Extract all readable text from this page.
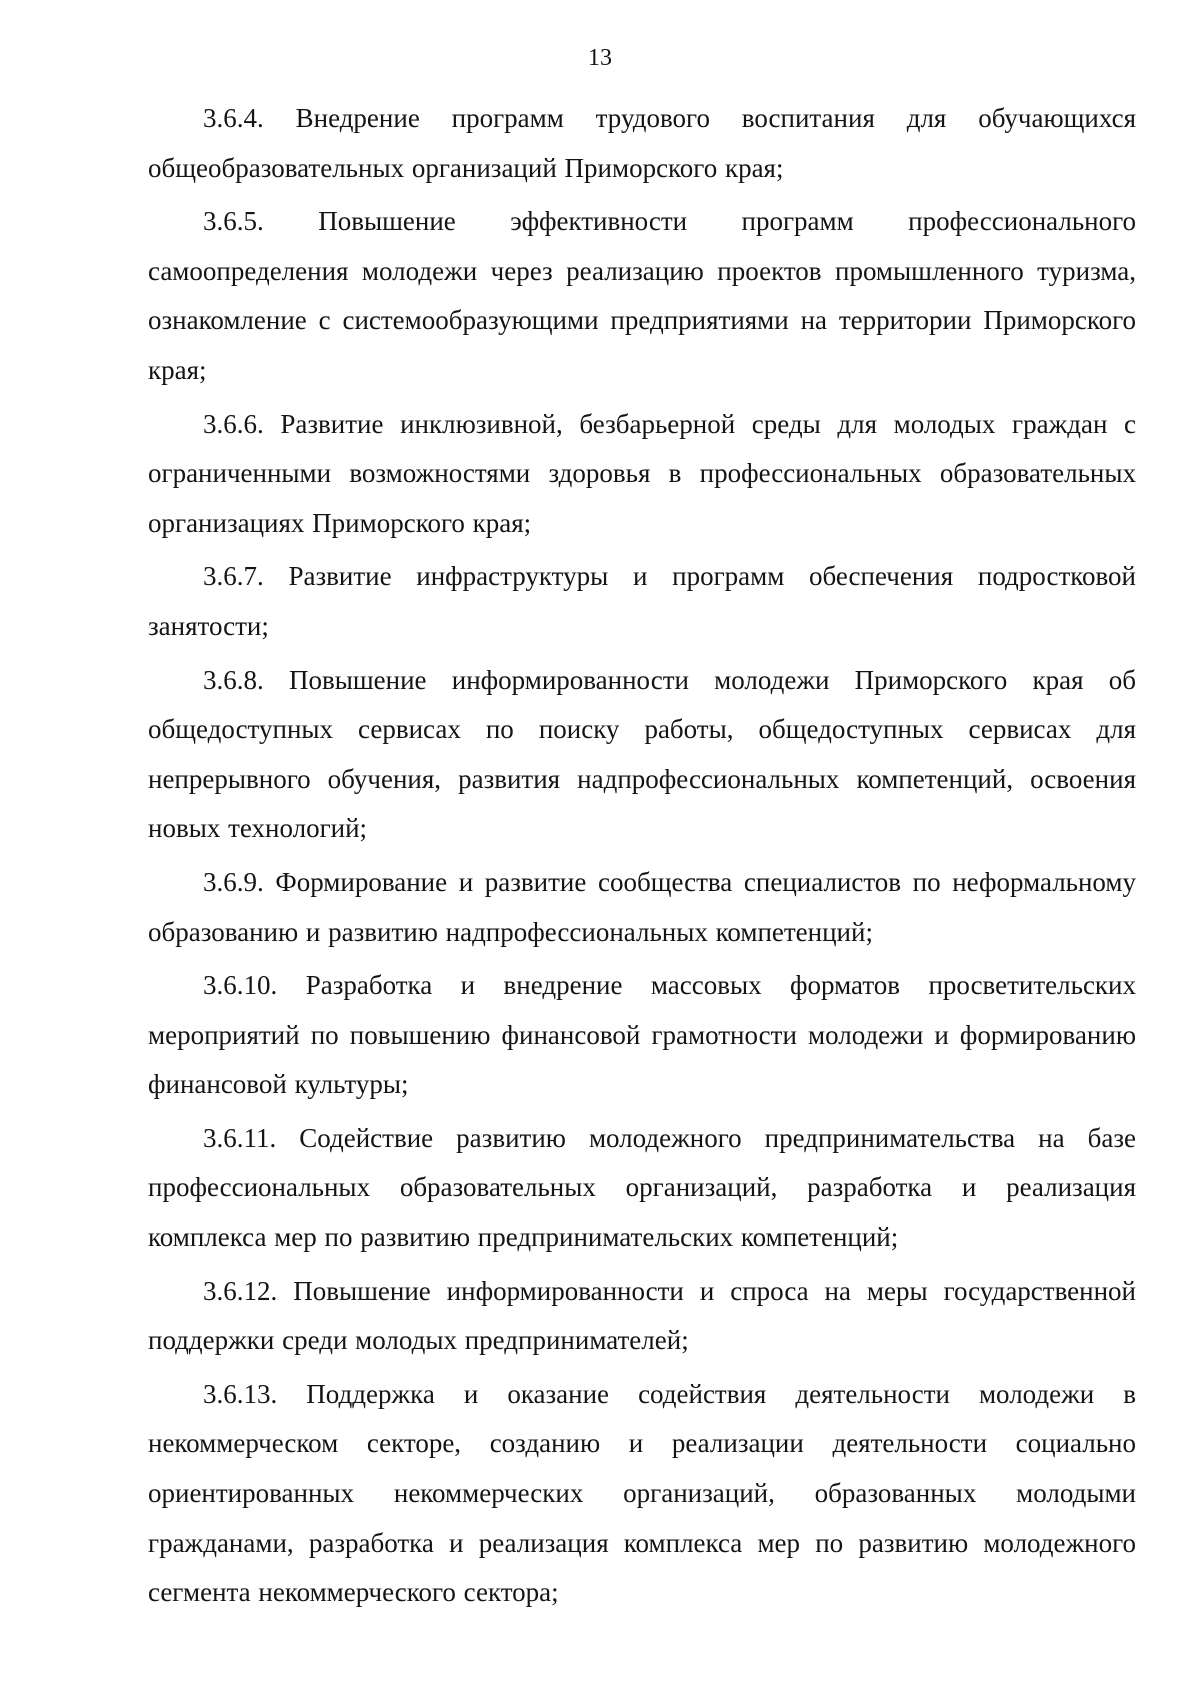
13

3.6.4. Внедрение программ трудового воспитания для обучающихся общеобразовательных организаций Приморского края;

3.6.5. Повышение эффективности программ профессионального самоопределения молодежи через реализацию проектов промышленного туризма, ознакомление с системообразующими предприятиями на территории Приморского края;

3.6.6. Развитие инклюзивной, безбарьерной среды для молодых граждан с ограниченными возможностями здоровья в профессиональных образовательных организациях Приморского края;

3.6.7. Развитие инфраструктуры и программ обеспечения подростковой занятости;

3.6.8. Повышение информированности молодежи Приморского края об общедоступных сервисах по поиску работы, общедоступных сервисах для непрерывного обучения, развития надпрофессиональных компетенций, освоения новых технологий;

3.6.9. Формирование и развитие сообщества специалистов по неформальному образованию и развитию надпрофессиональных компетенций;

3.6.10. Разработка и внедрение массовых форматов просветительских мероприятий по повышению финансовой грамотности молодежи и формированию финансовой культуры;

3.6.11. Содействие развитию молодежного предпринимательства на базе профессиональных образовательных организаций, разработка и реализация комплекса мер по развитию предпринимательских компетенций;

3.6.12. Повышение информированности и спроса на меры государственной поддержки среди молодых предпринимателей;

3.6.13. Поддержка и оказание содействия деятельности молодежи в некоммерческом секторе, созданию и реализации деятельности социально ориентированных некоммерческих организаций, образованных молодыми гражданами, разработка и реализация комплекса мер по развитию молодежного сегмента некоммерческого сектора;
